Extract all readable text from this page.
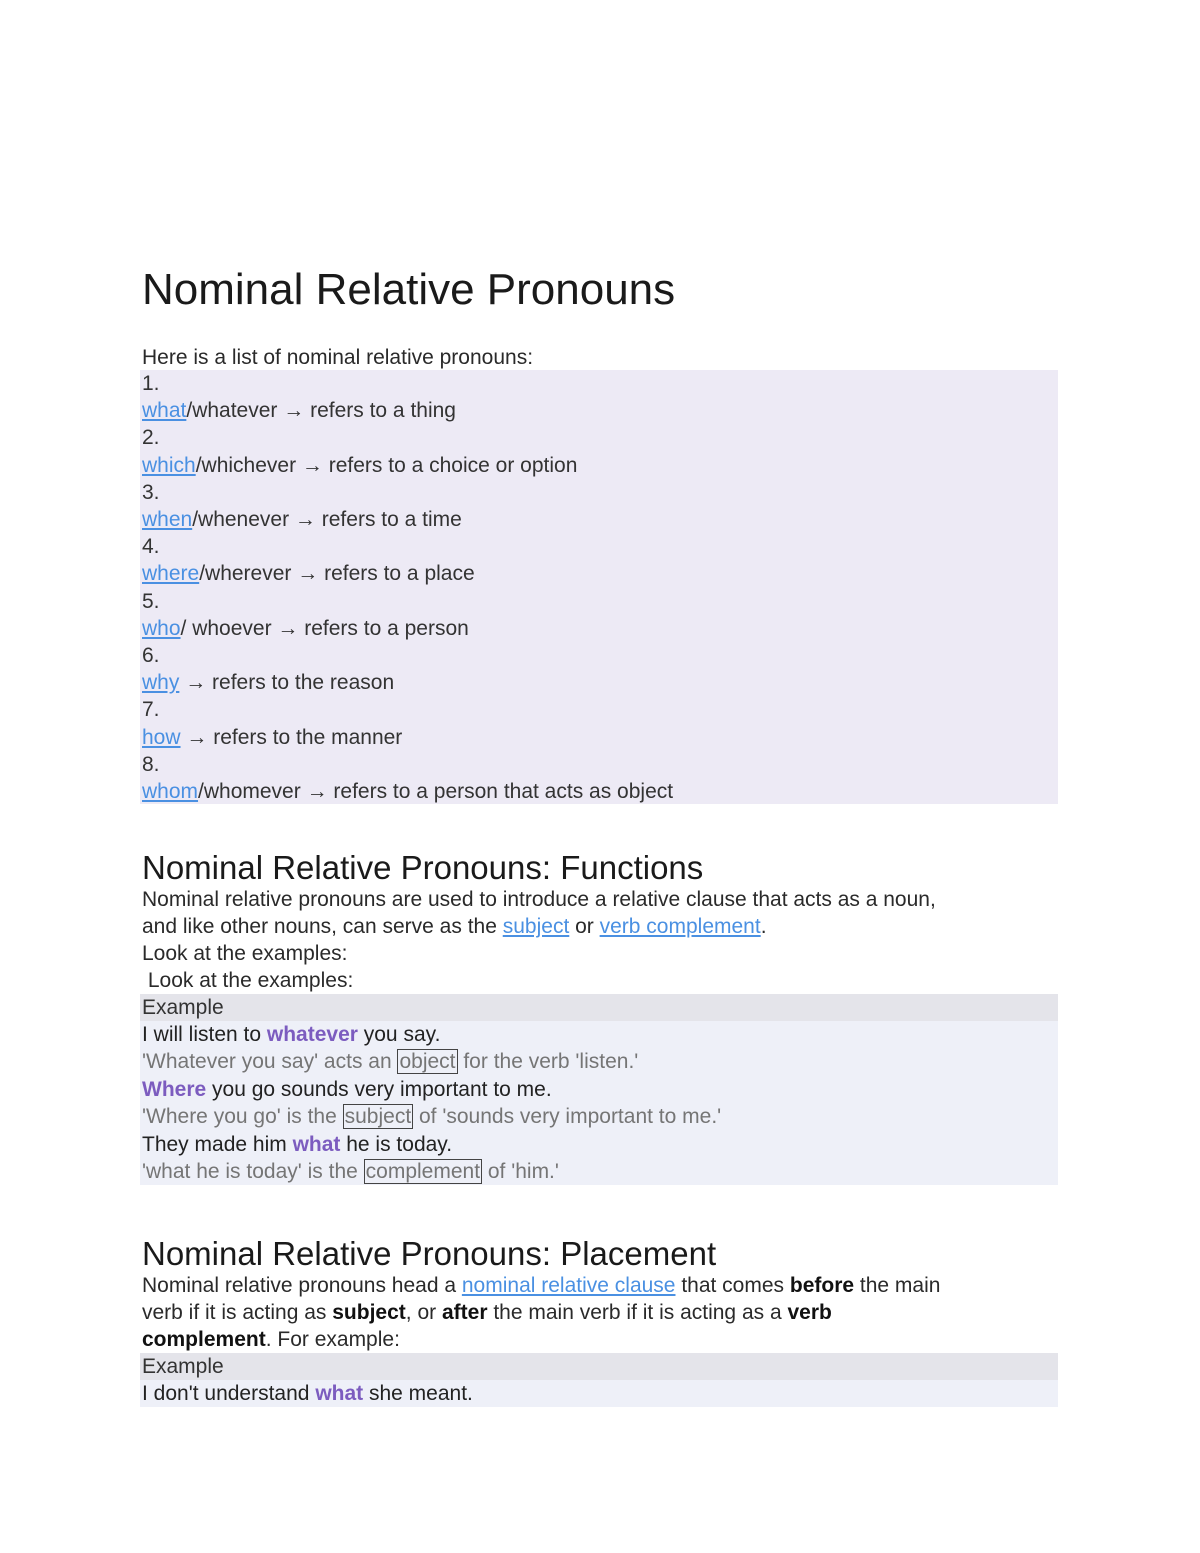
Nominal Relative Pronouns
Here is a list of nominal relative pronouns:
1.
what/whatever → refers to a thing
2.
which/whichever → refers to a choice or option
3.
when/whenever → refers to a time
4.
where/wherever → refers to a place
5.
who/ whoever → refers to a person
6.
why → refers to the reason
7.
how → refers to the manner
8.
whom/whomever → refers to a person that acts as object
Nominal Relative Pronouns: Functions
Nominal relative pronouns are used to introduce a relative clause that acts as a noun,
and like other nouns, can serve as the subject or verb complement.
Look at the examples:
Look at the examples:
Example
I will listen to whatever you say.
'Whatever you say' acts an object for the verb 'listen.'
Where you go sounds very important to me.
'Where you go' is the subject of 'sounds very important to me.'
They made him what he is today.
'what he is today' is the complement of 'him.'
Nominal Relative Pronouns: Placement
Nominal relative pronouns head a nominal relative clause that comes before the main
verb if it is acting as subject, or after the main verb if it is acting as a verb
complement. For example:
Example
I don't understand what she meant.
